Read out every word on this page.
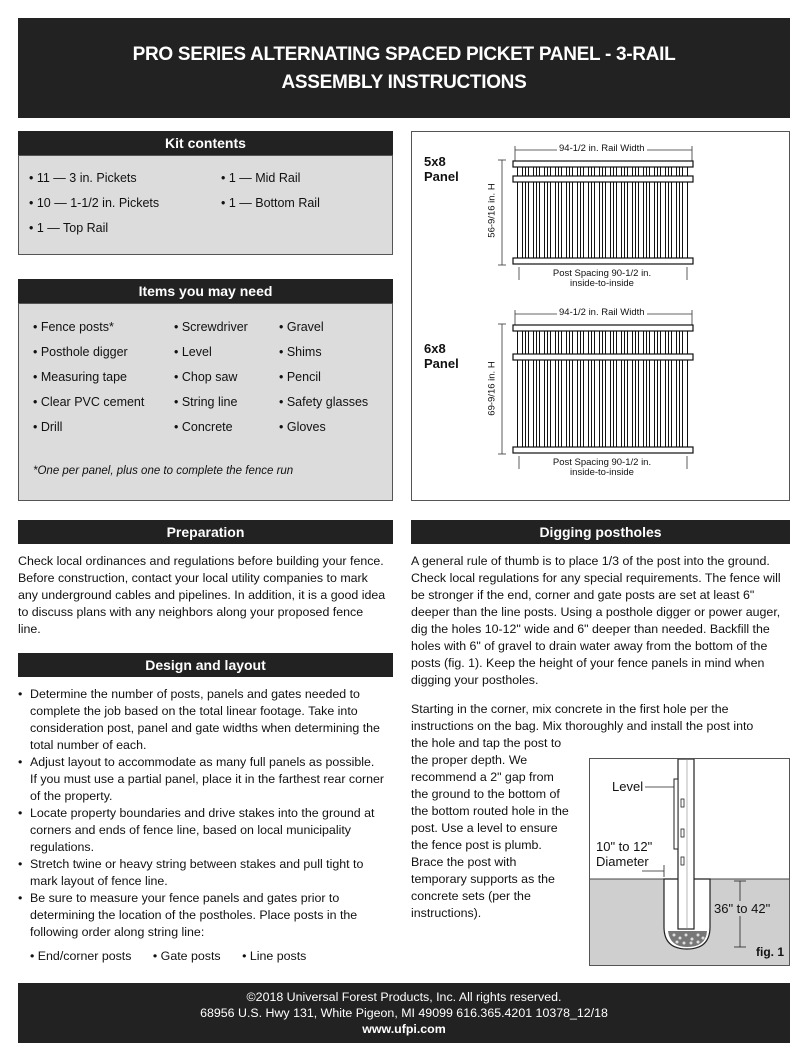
PRO SERIES ALTERNATING SPACED PICKET PANEL - 3-RAIL
ASSEMBLY INSTRUCTIONS
Kit contents
• 11 — 3 in. Pickets
• 10 — 1-1/2 in. Pickets
• 1 — Top Rail
• 1 — Mid Rail
• 1 — Bottom Rail
Items you may need
• Fence posts*
• Posthole digger
• Measuring tape
• Clear PVC cement
• Drill
• Screwdriver
• Level
• Chop saw
• String line
• Concrete
• Gravel
• Shims
• Pencil
• Safety glasses
• Gloves
*One per panel, plus one to complete the fence run
5x8
Panel
94-1/2 in. Rail Width
56-9/16 in. H
Post Spacing 90-1/2 in.
inside-to-inside
6x8
Panel
94-1/2 in. Rail Width
69-9/16 in. H
Post Spacing 90-1/2 in.
inside-to-inside
Preparation
Check local ordinances and regulations before building your fence. Before construction, contact your local utility companies to mark any underground cables and pipelines. In addition, it is a good idea to discuss plans with any neighbors along your proposed fence line.
Design and layout
• Determine the number of posts, panels and gates needed to complete the job based on the total linear footage. Take into consideration post, panel and gate widths when determining the total number of each.
• Adjust layout to accommodate as many full panels as possible. If you must use a partial panel, place it in the farthest rear corner of the property.
• Locate property boundaries and drive stakes into the ground at corners and ends of fence line, based on local municipality regulations.
• Stretch twine or heavy string between stakes and pull tight to mark layout of fence line.
• Be sure to measure your fence panels and gates prior to determining the location of the postholes. Place posts in the following order along string line:
• End/corner posts • Gate posts • Line posts
Digging postholes
A general rule of thumb is to place 1/3 of the post into the ground. Check local regulations for any special requirements. The fence will be stronger if the end, corner and gate posts are set at least 6" deeper than the line posts. Using a posthole digger or power auger, dig the holes 10-12" wide and 6" deeper than needed. Backfill the holes with 6" of gravel to drain water away from the bottom of the posts (fig. 1). Keep the height of your fence panels in mind when digging your postholes.
Starting in the corner, mix concrete in the first hole per the instructions on the bag. Mix thoroughly and install the post into
the hole and tap the post to the proper depth. We recommend a 2" gap from the ground to the bottom of the bottom routed hole in the post. Use a level to ensure the fence post is plumb. Brace the post with temporary supports as the concrete sets (per the instructions).
Level
10" to 12"
Diameter
36" to 42"
fig. 1
©2018 Universal Forest Products, Inc. All rights reserved.
68956 U.S. Hwy 131, White Pigeon, MI 49099 616.365.4201 10378_12/18
www.ufpi.com
